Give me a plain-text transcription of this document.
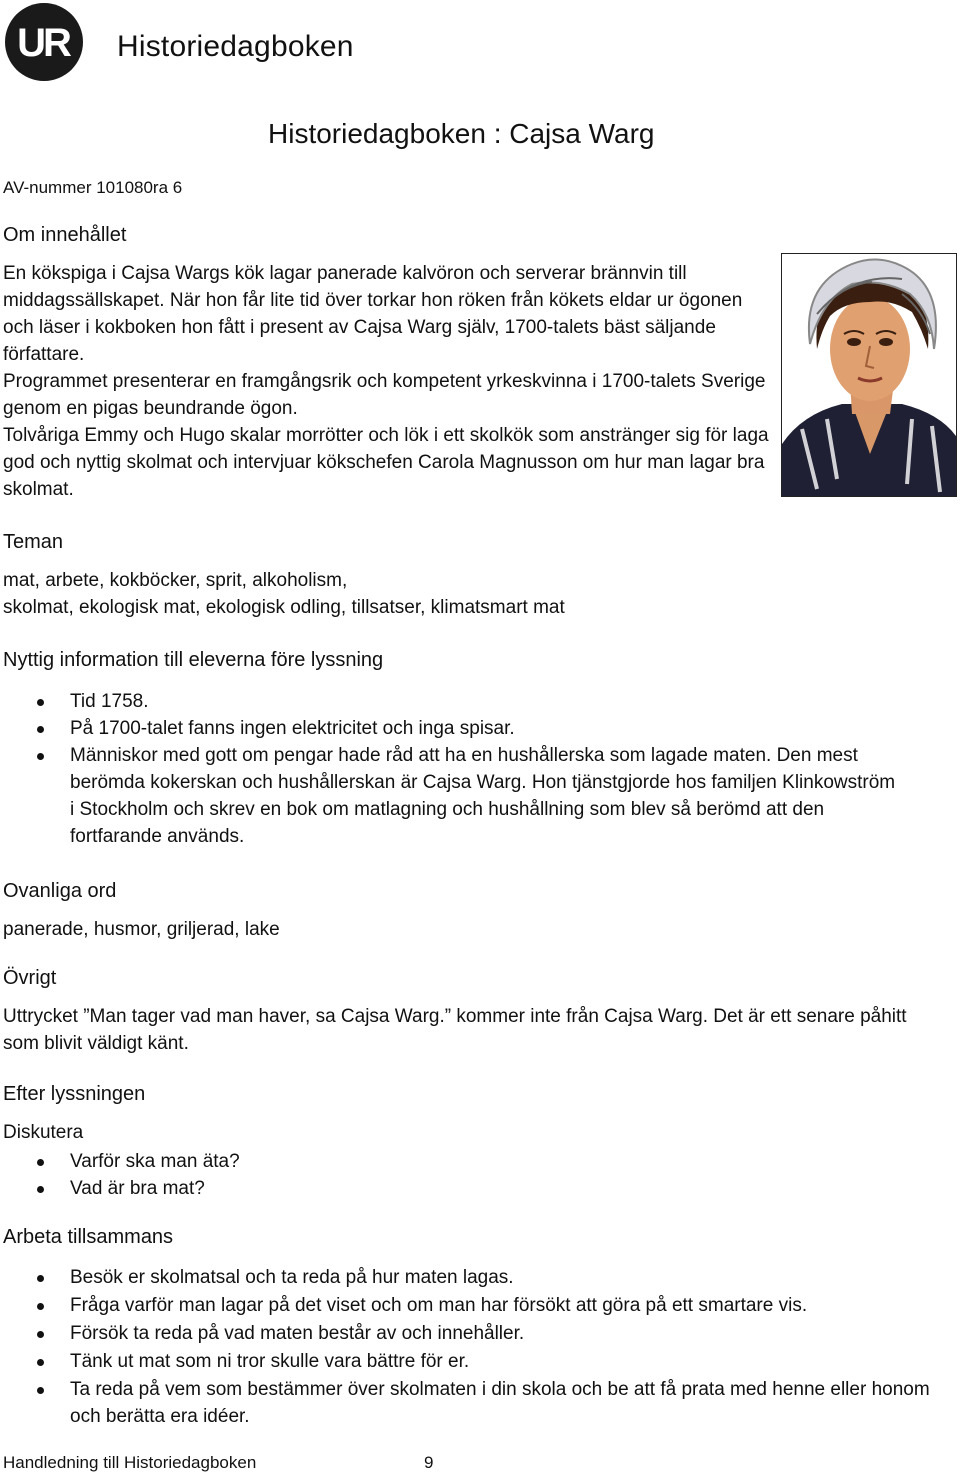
UR Historiedagboken
Historiedagboken : Cajsa Warg
AV-nummer 101080ra 6
Om innehållet

En kökspiga i Cajsa Wargs kök lagar panerade kalvöron och serverar brännvin till middagssällskapet. När hon får lite tid över torkar hon röken från kökets eldar ur ögonen och läser i kokboken hon fått i present av Cajsa Warg själv, 1700-talets bäst säljande författare.

Programmet presenterar en framgångsrik och kompetent yrkeskvinna i 1700-talets Sverige genom en pigas beundrande ögon.

Tolvåriga Emmy och Hugo skalar morrötter och lök i ett skolkök som anstränger sig för laga god och nyttig skolmat och intervjuar kökschefen Carola Magnusson om hur man lagar bra skolmat.

Teman

mat, arbete, kokböcker, sprit, alkoholism,
skolmat, ekologisk mat, ekologisk odling, tillsatser, klimatsmart mat

Nyttig information till eleverna före lyssning
Tid 1758.
På 1700-talet fanns ingen elektricitet och inga spisar.
Människor med gott om pengar hade råd att ha en hushållerska som lagade maten. Den mest berömda kokerskan och hushållerskan är Cajsa Warg. Hon tjänstgjorde hos familjen Klinkowström i Stockholm och skrev en bok om matlagning och hushållning som blev så berömd att den fortfarande används.
Ovanliga ord

panerade, husmor, griljerad, lake

Övrigt

Uttrycket ”Man tager vad man haver, sa Cajsa Warg.” kommer inte från Cajsa Warg. Det är ett senare påhitt som blivit väldigt känt.

Efter lyssningen

Diskutera

Varför ska man äta?
Vad är bra mat?
Arbeta tillsammans
Besök er skolmatsal och ta reda på hur maten lagas.
Fråga varför man lagar på det viset och om man har försökt att göra på ett smartare vis.
Försök ta reda på vad maten består av och innehåller.
Tänk ut mat som ni tror skulle vara bättre för er.
Ta reda på vem som bestämmer över skolmaten i din skola och be att få prata med henne eller honom och berätta era idéer.
Handledning till Historiedagboken	9
